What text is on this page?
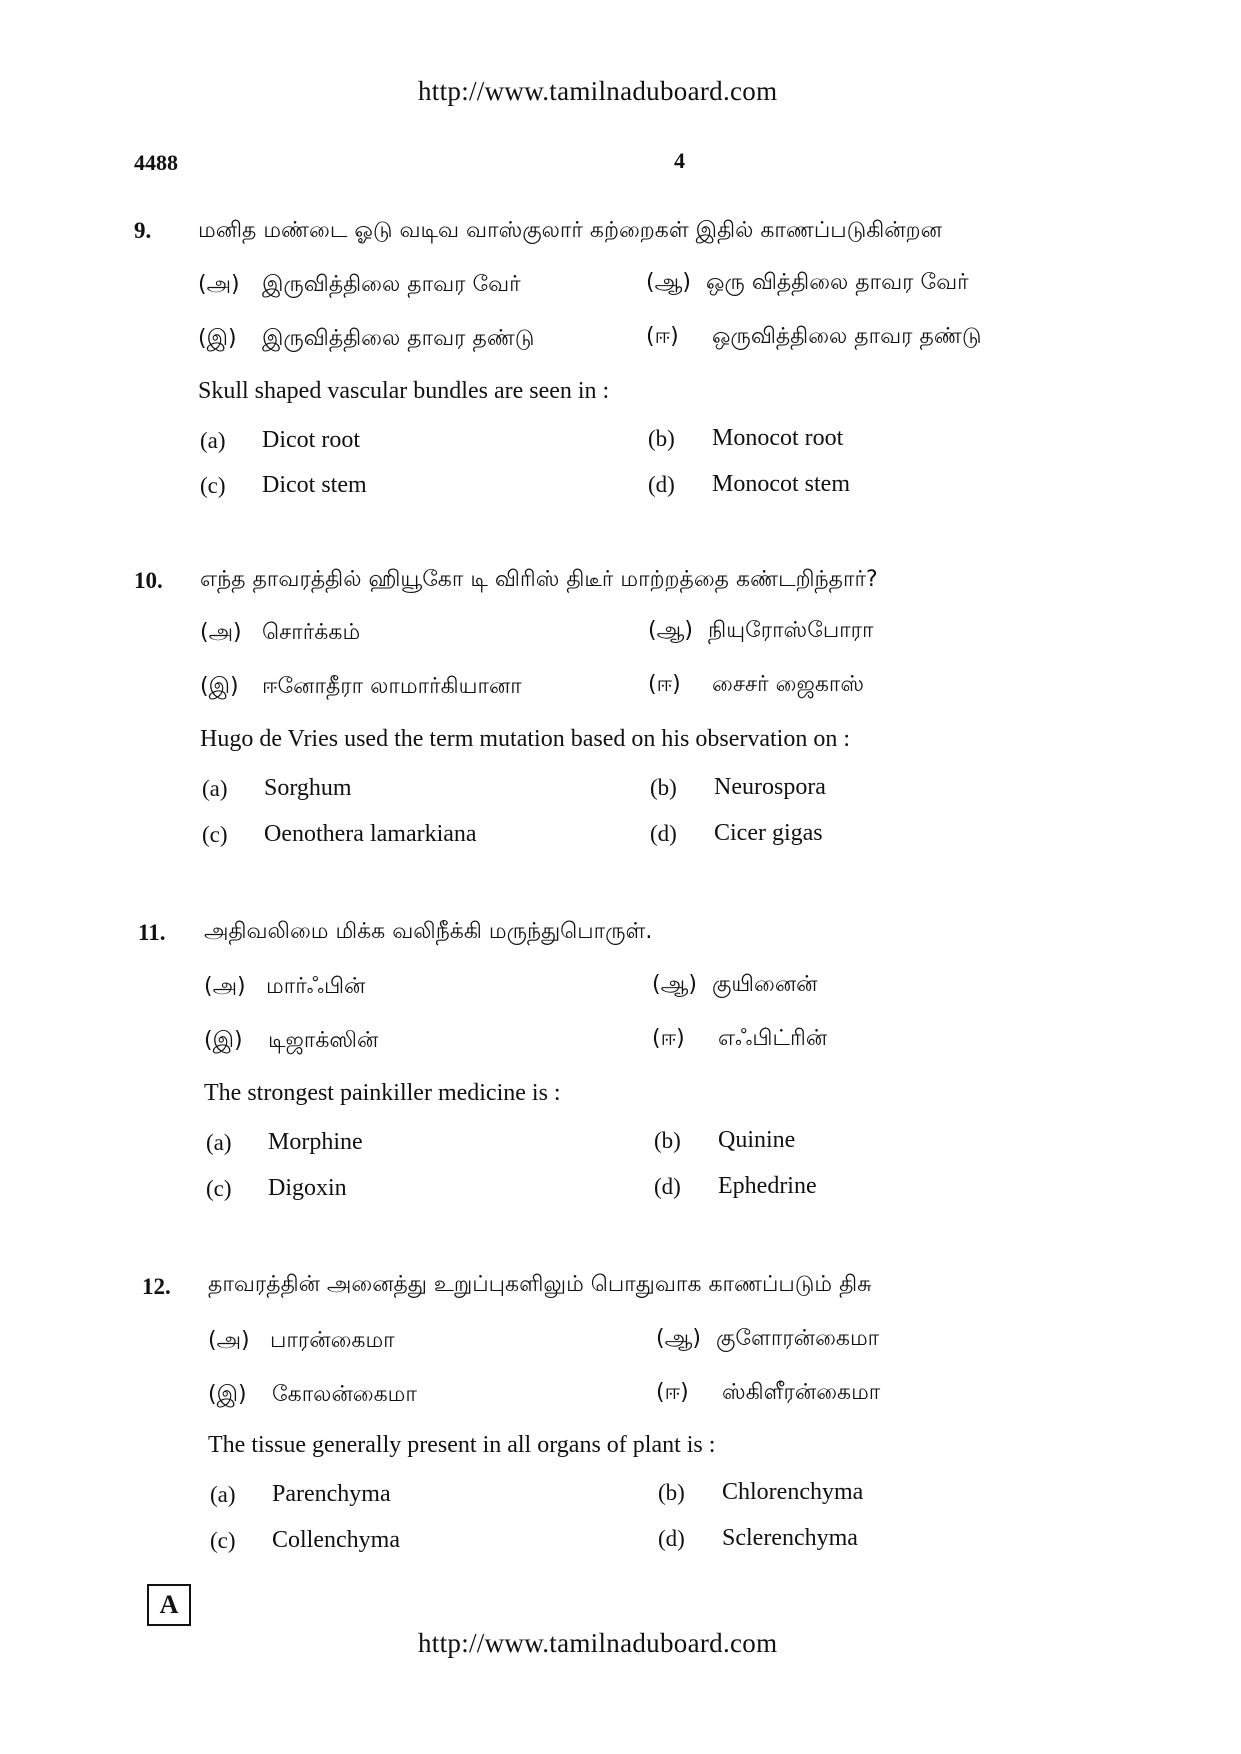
http://www.tamilnaduboard.com
4488	4
9. மனித மண்டை ஓடு வடிவ வாஸ்குலார் கற்றைகள் இதில் காணப்படுகின்றன
(அ) இருவித்திலை தாவர வேர்	(ஆ) ஒரு வித்திலை தாவர வேர்
(இ) இருவித்திலை தாவர தண்டு	(ஈ) ஒருவித்திலை தாவர தண்டு
Skull shaped vascular bundles are seen in :
(a) Dicot root	(b) Monocot root
(c) Dicot stem	(d) Monocot stem
10. எந்த தாவரத்தில் ஹியூகோ டி விரிஸ் திடீர் மாற்றத்தை கண்டறிந்தார்?
(அ) சொர்க்கம்	(ஆ) நியுரோஸ்போரா
(இ) ஈனோதீரா லாமார்கியானா	(ஈ) சைசர் ஜைகாஸ்
Hugo de Vries used the term mutation based on his observation on :
(a) Sorghum	(b) Neurospora
(c) Oenothera lamarkiana	(d) Cicer gigas
11. அதிவலிமை மிக்க வலிநீக்கி மருந்துபொருள்.
(அ) மார்ஃபின்	(ஆ) குயினைன்
(இ) டிஜாக்ஸின்	(ஈ) எஃபிட்ரின்
The strongest painkiller medicine is :
(a) Morphine	(b) Quinine
(c) Digoxin	(d) Ephedrine
12. தாவரத்தின் அனைத்து உறுப்புகளிலும் பொதுவாக காணப்படும் திசு
(அ) பாரன்கைமா	(ஆ) குளோரன்கைமா
(இ) கோலன்கைமா	(ஈ) ஸ்கிளீரன்கைமா
The tissue generally present in all organs of plant is :
(a) Parenchyma	(b) Chlorenchyma
(c) Collenchyma	(d) Sclerenchyma
A
http://www.tamilnaduboard.com
